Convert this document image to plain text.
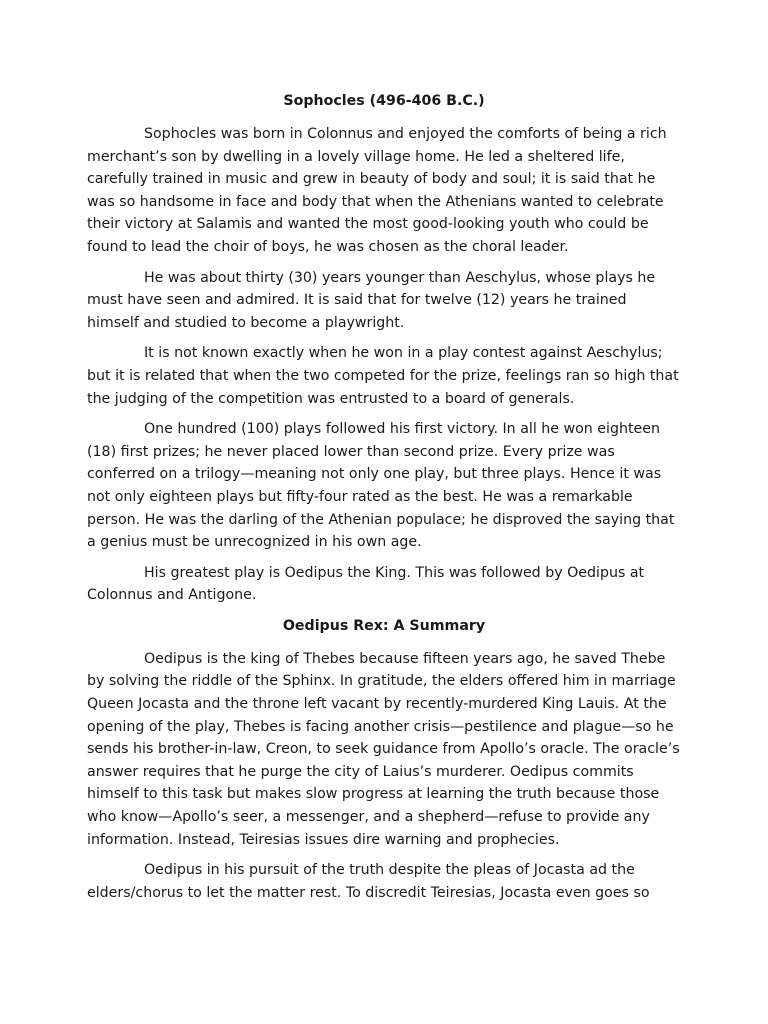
Sophocles (496-406 B.C.)

Sophocles was born in Colonnus and enjoyed the comforts of being a rich merchant’s son by dwelling in a lovely village home. He led a sheltered life, carefully trained in music and grew in beauty of body and soul; it is said that he was so handsome in face and body that when the Athenians wanted to celebrate their victory at Salamis and wanted the most good-looking youth who could be found to lead the choir of boys, he was chosen as the choral leader.

He was about thirty (30) years younger than Aeschylus, whose plays he must have seen and admired. It is said that for twelve (12) years he trained himself and studied to become a playwright.

It is not known exactly when he won in a play contest against Aeschylus; but it is related that when the two competed for the prize, feelings ran so high that the judging of the competition was entrusted to a board of generals.

One hundred (100) plays followed his first victory. In all he won eighteen (18) first prizes; he never placed lower than second prize. Every prize was conferred on a trilogy—meaning not only one play, but three plays. Hence it was not only eighteen plays but fifty-four rated as the best. He was a remarkable person. He was the darling of the Athenian populace; he disproved the saying that a genius must be unrecognized in his own age.

His greatest play is Oedipus the King. This was followed by Oedipus at Colonnus and Antigone.

Oedipus Rex: A Summary

Oedipus is the king of Thebes because fifteen years ago, he saved Thebe by solving the riddle of the Sphinx. In gratitude, the elders offered him in marriage Queen Jocasta and the throne left vacant by recently-murdered King Lauis. At the opening of the play, Thebes is facing another crisis—pestilence and plague—so he sends his brother-in-law, Creon, to seek guidance from Apollo’s oracle. The oracle’s answer requires that he purge the city of Laius’s murderer. Oedipus commits himself to this task but makes slow progress at learning the truth because those who know—Apollo’s seer, a messenger, and a shepherd—refuse to provide any information. Instead, Teiresias issues dire warning and prophecies.

Oedipus in his pursuit of the truth despite the pleas of Jocasta ad the elders/chorus to let the matter rest. To discredit Teiresias, Jocasta even goes so
